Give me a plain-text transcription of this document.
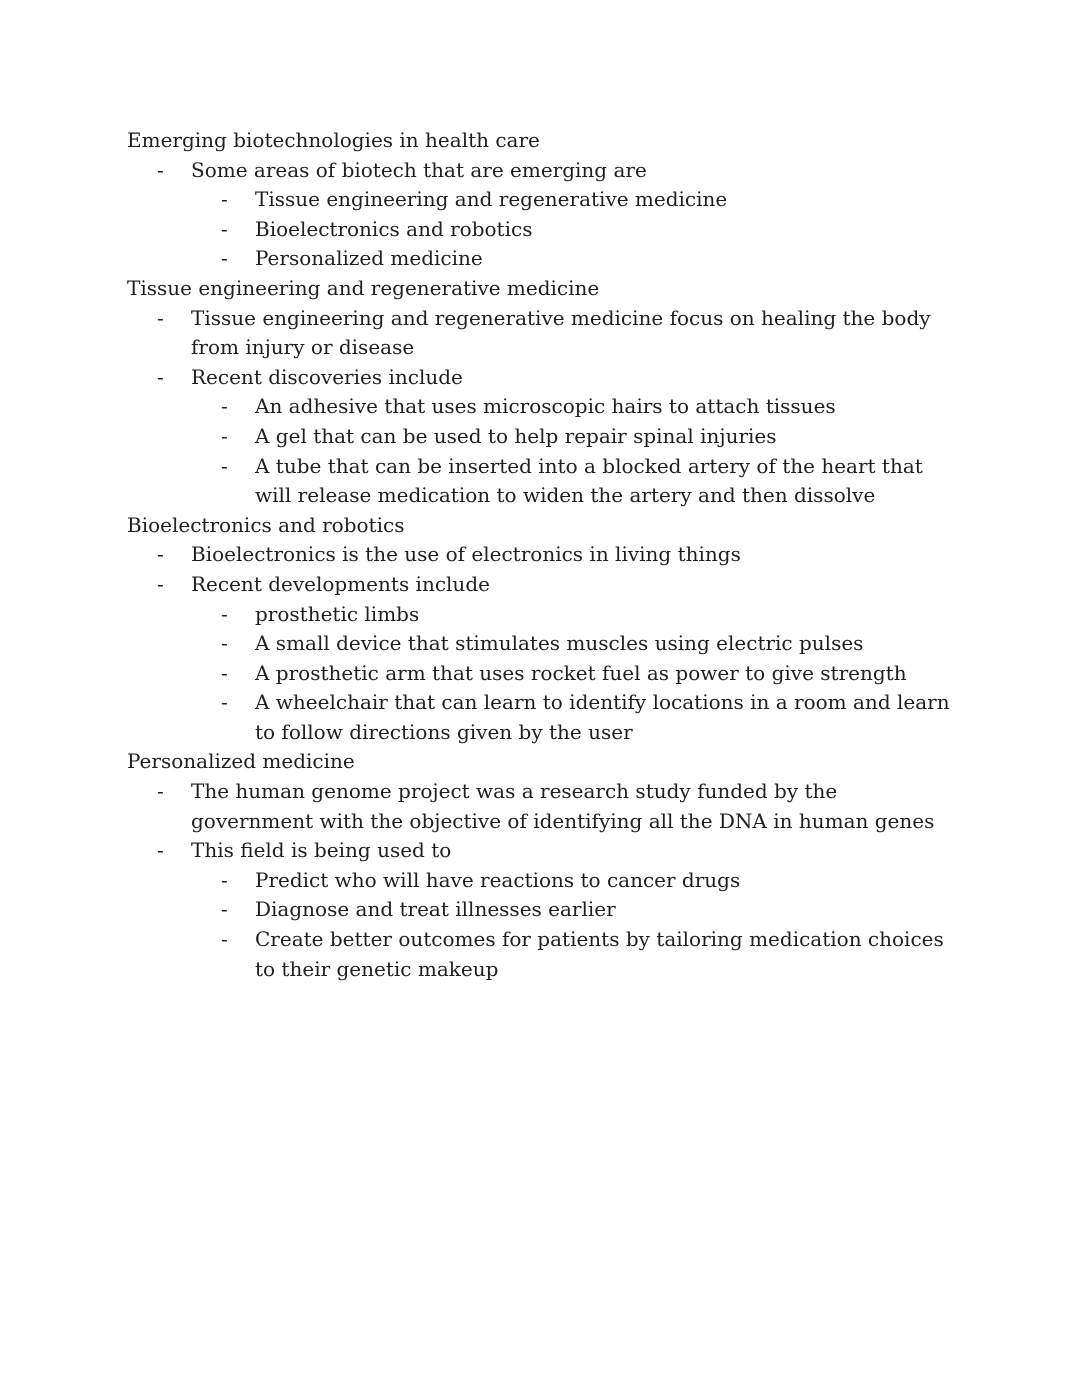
Emerging biotechnologies in health care
-	Some areas of biotech that are emerging are
-	Tissue engineering and regenerative medicine
-	Bioelectronics and robotics
-	Personalized medicine
Tissue engineering and regenerative medicine
-	Tissue engineering and regenerative medicine focus on healing the body from injury or disease
-	Recent discoveries include
-	An adhesive that uses microscopic hairs to attach tissues
-	A gel that can be used to help repair spinal injuries
-	A tube that can be inserted into a blocked artery of the heart that will release medication to widen the artery and then dissolve
Bioelectronics and robotics
-	Bioelectronics is the use of electronics in living things
-	Recent developments include
-	prosthetic limbs
-	A small device that stimulates muscles using electric pulses
-	A prosthetic arm that uses rocket fuel as power to give strength
-	A wheelchair that can learn to identify locations in a room and learn to follow directions given by the user
Personalized medicine
-	The human genome project was a research study funded by the government with the objective of identifying all the DNA in human genes
-	This field is being used to
-	Predict who will have reactions to cancer drugs
-	Diagnose and treat illnesses earlier
-	Create better outcomes for patients by tailoring medication choices to their genetic makeup
